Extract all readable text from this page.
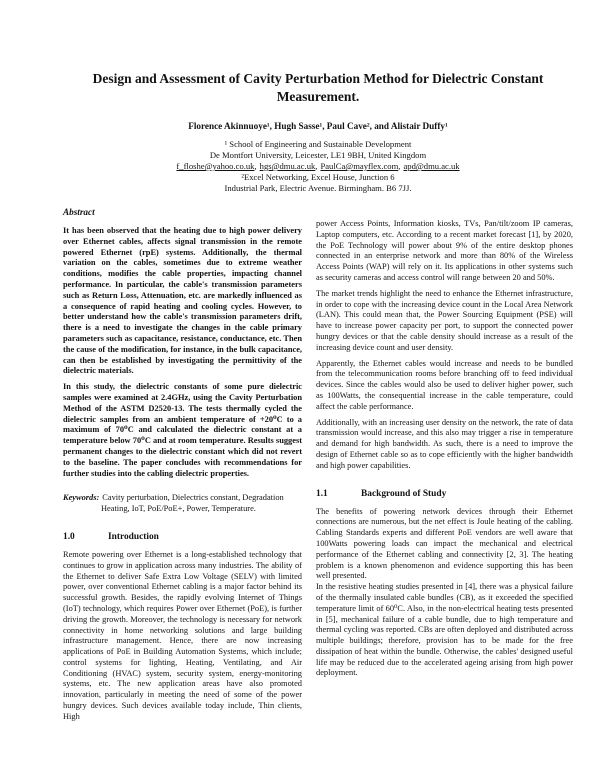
Design and Assessment of Cavity Perturbation Method for Dielectric Constant Measurement.
Florence Akinnuoye¹, Hugh Sasse¹, Paul Cave², and Alistair Duffy¹
¹ School of Engineering and Sustainable Development
De Montfort University, Leicester, LE1 9BH, United Kingdom
f_floshe@yahoo.co.uk, hgs@dmu.ac.uk, PaulCa@mayflex.com, apd@dmu.ac.uk
²Excel Networking, Excel House, Junction 6
Industrial Park, Electric Avenue. Birmingham. B6 7JJ.
Abstract

It has been observed that the heating due to high power delivery over Ethernet cables, affects signal transmission in the remote powered Ethernet (rpE) systems. Additionally, the thermal variation on the cables, sometimes due to extreme weather conditions, modifies the cable properties, impacting channel performance. In particular, the cable's transmission parameters such as Return Loss, Attenuation, etc. are markedly influenced as a consequence of rapid heating and cooling cycles. However, to better understand how the cable's transmission parameters drift, there is a need to investigate the changes in the cable primary parameters such as capacitance, resistance, conductance, etc. Then the cause of the modification, for instance, in the bulk capacitance, can then be established by investigating the permittivity of the dielectric materials.

In this study, the dielectric constants of some pure dielectric samples were examined at 2.4GHz, using the Cavity Perturbation Method of the ASTM D2520-13. The tests thermally cycled the dielectric samples from an ambient temperature of +20⁰C to a maximum of 70⁰C and calculated the dielectric constant at a temperature below 70⁰C and at room temperature. Results suggest permanent changes to the dielectric constant which did not revert to the baseline. The paper concludes with recommendations for further studies into the cabling dielectric properties.

Keywords: Cavity perturbation, Dielectrics constant, Degradation Heating, IoT, PoE/PoE+, Power, Temperature.
1.0	Introduction

Remote powering over Ethernet is a long-established technology that continues to grow in application across many industries. The ability of the Ethernet to deliver Safe Extra Low Voltage (SELV) with limited power, over conventional Ethernet cabling is a major factor behind its successful growth. Besides, the rapidly evolving Internet of Things (IoT) technology, which requires Power over Ethernet (PoE), is further driving the growth. Moreover, the technology is necessary for network connectivity in home networking solutions and large building infrastructure management. Hence, there are now increasing applications of PoE in Building Automation Systems, which include; control systems for lighting, Heating, Ventilating, and Air Conditioning (HVAC) system, security system, energy-monitoring systems, etc. The new application areas have also promoted innovation, particularly in meeting the need of some of the power hungry devices. Such devices available today include, Thin clients, High

power Access Points, Information kiosks, TVs, Pan/tilt/zoom IP cameras, Laptop computers, etc. According to a recent market forecast [1], by 2020, the PoE Technology will power about 9% of the entire desktop phones connected in an enterprise network and more than 80% of the Wireless Access Points (WAP) will rely on it. Its applications in other systems such as security cameras and access control will range between 20 and 50%.

The market trends highlight the need to enhance the Ethernet infrastructure, in order to cope with the increasing device count in the Local Area Network (LAN). This could mean that, the Power Sourcing Equipment (PSE) will have to increase power capacity per port, to support the connected power hungry devices or that the cable density should increase as a result of the increasing device count and user density.

Apparently, the Ethernet cables would increase and needs to be bundled from the telecommunication rooms before branching off to feed individual devices. Since the cables would also be used to deliver higher power, such as 100Watts, the consequential increase in the cable temperature, could affect the cable performance.

Additionally, with an increasing user density on the network, the rate of data transmission would increase, and this also may trigger a rise in temperature and demand for high bandwidth. As such, there is a need to improve the design of Ethernet cable so as to cope efficiently with the higher bandwidth and high power capabilities.

1.1	Background of Study

The benefits of powering network devices through their Ethernet connections are numerous, but the net effect is Joule heating of the cabling. Cabling Standards experts and different PoE vendors are well aware that 100Watts powering loads can impact the mechanical and electrical performance of the Ethernet cabling and connectivity [2, 3]. The heating problem is a known phenomenon and evidence supporting this has been well presented.

In the resistive heating studies presented in [4], there was a physical failure of the thermally insulated cable bundles (CB), as it exceeded the specified temperature limit of 60⁰C. Also, in the non-electrical heating tests presented in [5], mechanical failure of a cable bundle, due to high temperature and thermal cycling was reported. CBs are often deployed and distributed across multiple buildings; therefore, provision has to be made for the free dissipation of heat within the bundle. Otherwise, the cables' designed useful life may be reduced due to the accelerated ageing arising from high power deployment.
